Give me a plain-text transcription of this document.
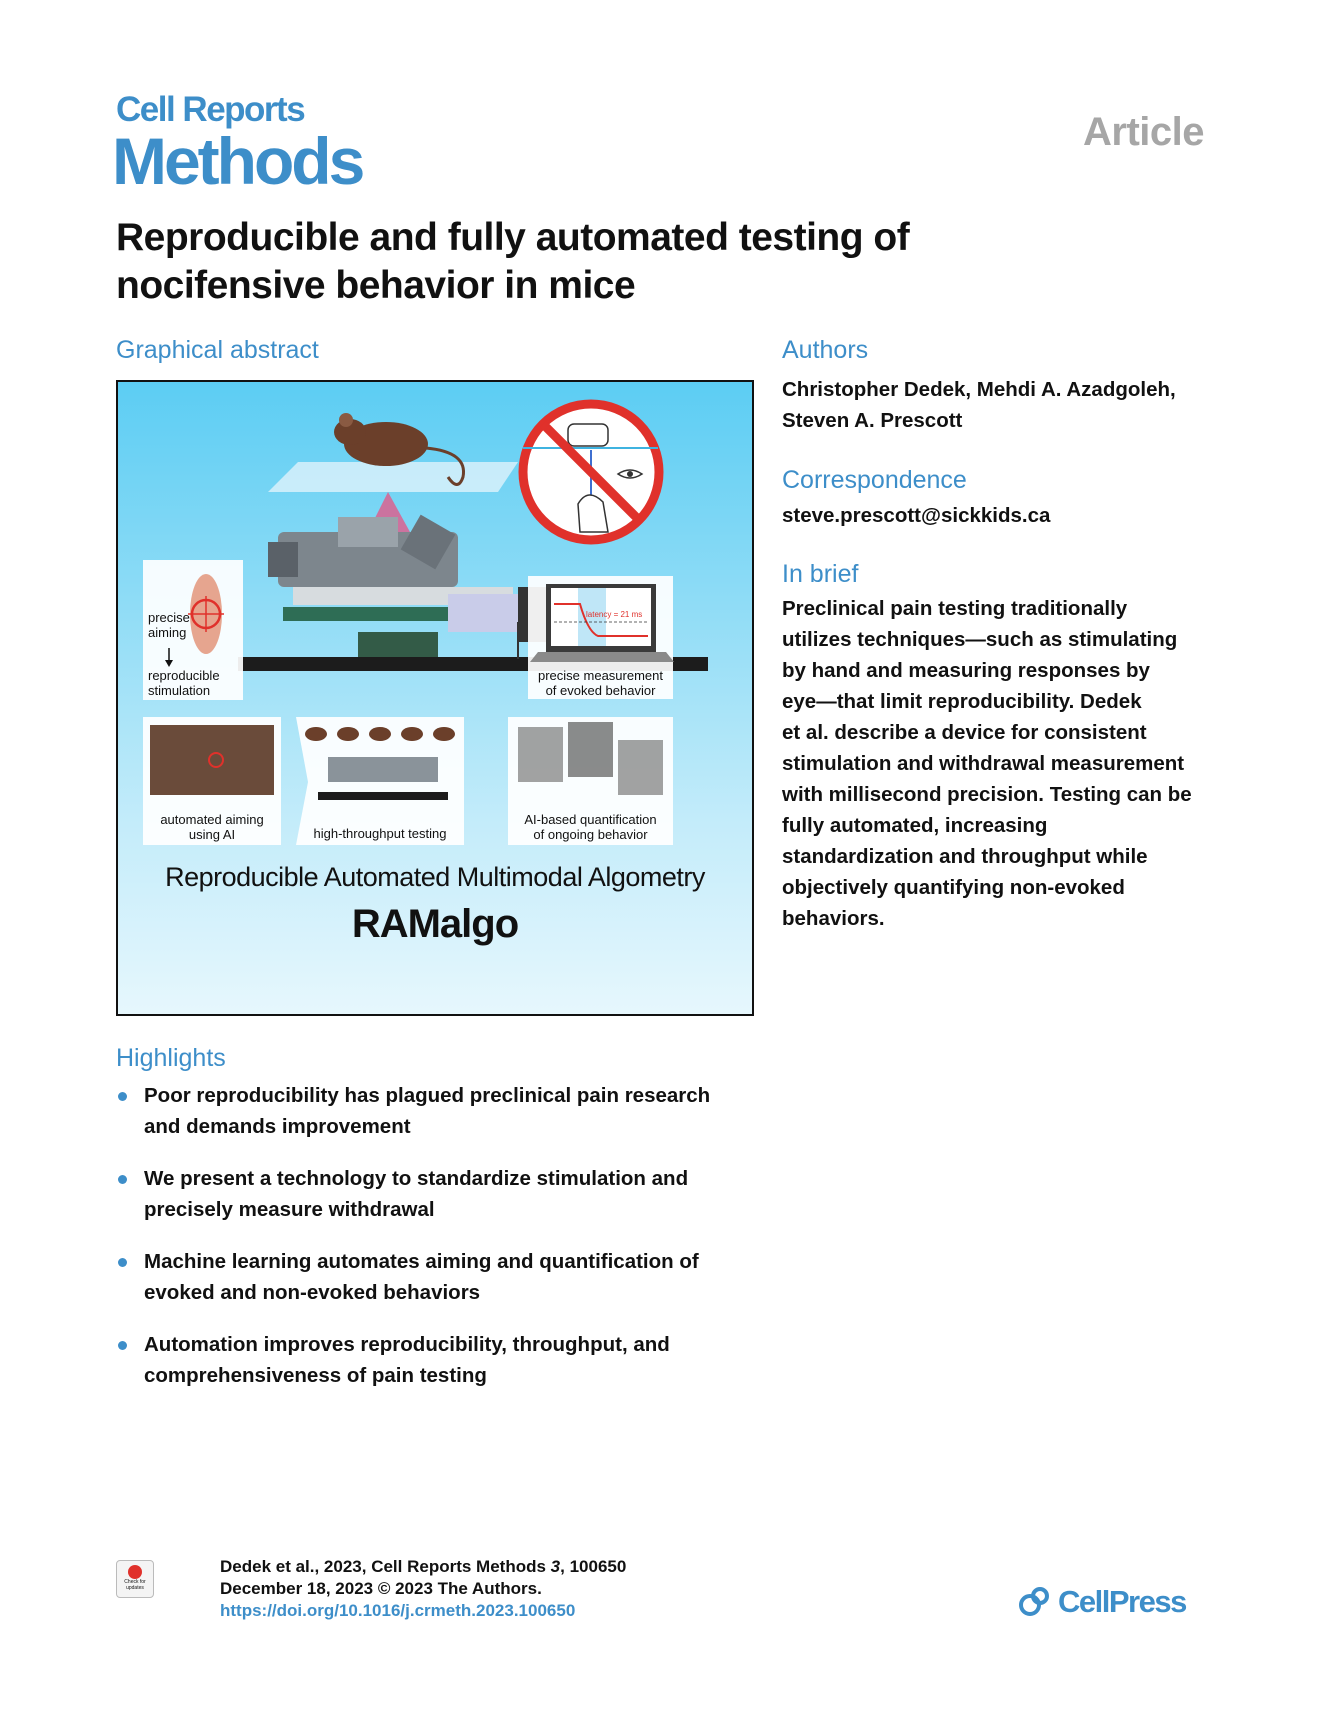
Cell Reports
Methods	Article
Reproducible and fully automated testing of
nocifensive behavior in mice
Graphical abstract
precise
aiming
reproducible
stimulation
latency = 21 ms
precise measurement
of evoked behavior
automated aiming
using AI	high-throughput testing
AI-based quantification
of ongoing behavior
Reproducible Automated Multimodal Algometry
RAMalgo
Authors
Christopher Dedek, Mehdi A. Azadgoleh,
Steven A. Prescott
Correspondence
steve.prescott@sickkids.ca
In brief
Preclinical pain testing traditionally
utilizes techniques—such as stimulating
by hand and measuring responses by
eye—that limit reproducibility. Dedek
et al. describe a device for consistent
stimulation and withdrawal measurement
with millisecond precision. Testing can be
fully automated, increasing
standardization and throughput while
objectively quantifying non-evoked
behaviors.
Highlights
Poor reproducibility has plagued preclinical pain research
and demands improvement
We present a technology to standardize stimulation and
precisely measure withdrawal
Machine learning automates aiming and quantification of
evoked and non-evoked behaviors
Automation improves reproducibility, throughput, and
comprehensiveness of pain testing
Check for updates
Dedek et al., 2023, Cell Reports Methods 3, 100650
December 18, 2023 © 2023 The Authors.
https://doi.org/10.1016/j.crmeth.2023.100650	CellPress
